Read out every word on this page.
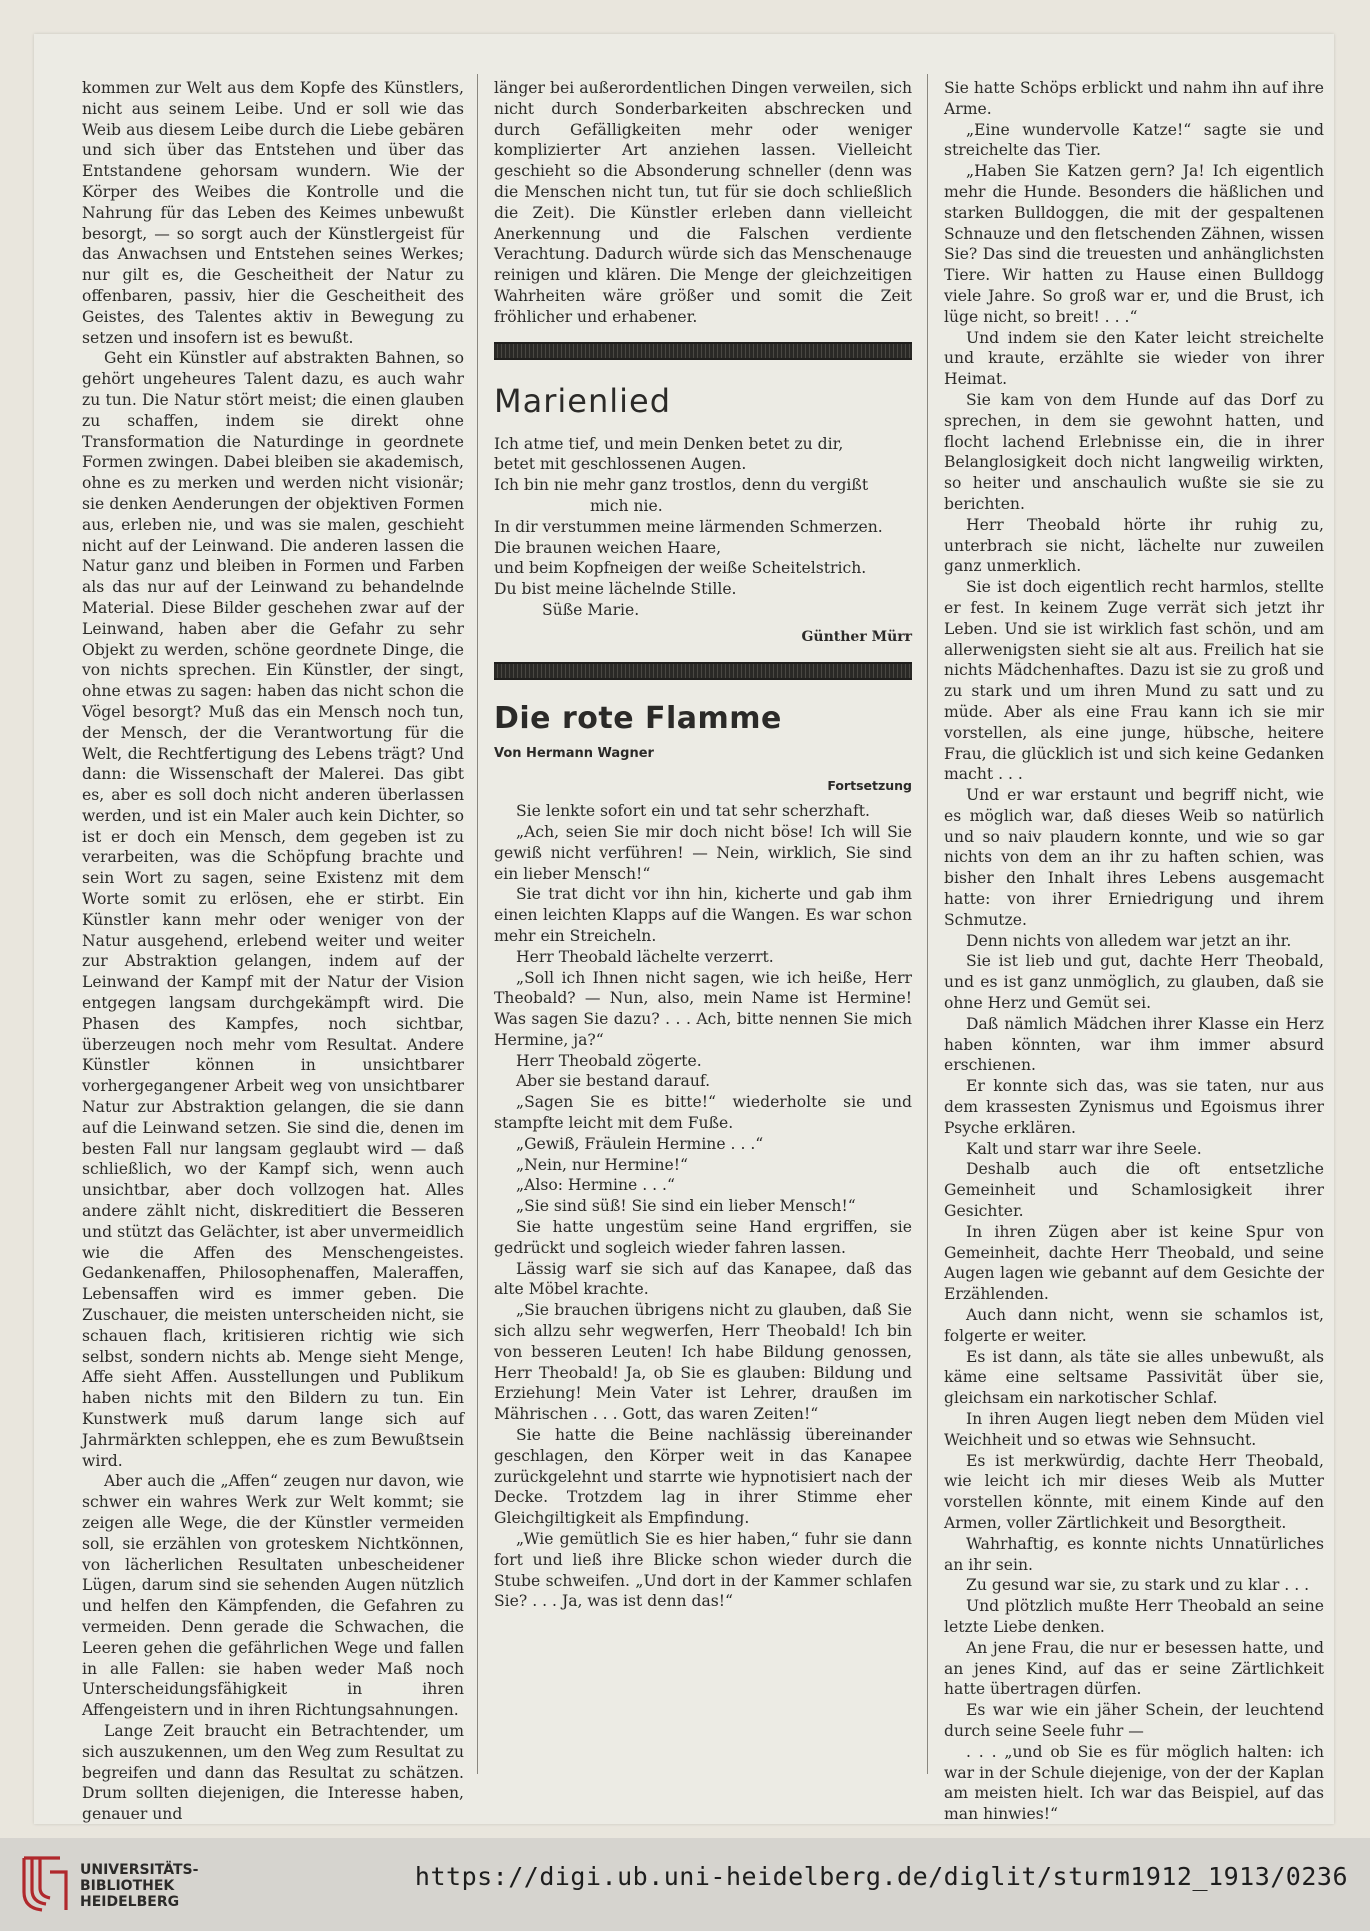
kommen zur Welt aus dem Kopfe des Künstlers, nicht aus seinem Leibe. Und er soll wie das Weib aus diesem Leibe durch die Liebe gebären und sich über das Entstehen und über das Entstandene gehorsam wundern. Wie der Körper des Weibes die Kontrolle und die Nahrung für das Leben des Keimes unbewußt besorgt, — so sorgt auch der Künstlergeist für das Anwachsen und Entstehen seines Werkes; nur gilt es, die Gescheitheit der Natur zu offenbaren, passiv, hier die Gescheitheit des Geistes, des Talentes aktiv in Bewegung zu setzen und insofern ist es bewußt.

Geht ein Künstler auf abstrakten Bahnen, so gehört ungeheures Talent dazu, es auch wahr zu tun. Die Natur stört meist; die einen glauben zu schaffen, indem sie direkt ohne Transformation die Naturdinge in geordnete Formen zwingen. Dabei bleiben sie akademisch, ohne es zu merken und werden nicht visionär; sie denken Aenderungen der objektiven Formen aus, erleben nie, und was sie malen, geschieht nicht auf der Leinwand. Die anderen lassen die Natur ganz und bleiben in Formen und Farben als das nur auf der Leinwand zu behandelnde Material. Diese Bilder geschehen zwar auf der Leinwand, haben aber die Gefahr zu sehr Objekt zu werden, schöne geordnete Dinge, die von nichts sprechen. Ein Künstler, der singt, ohne etwas zu sagen: haben das nicht schon die Vögel besorgt? Muß das ein Mensch noch tun, der Mensch, der die Verantwortung für die Welt, die Rechtfertigung des Lebens trägt? Und dann: die Wissenschaft der Malerei. Das gibt es, aber es soll doch nicht anderen überlassen werden, und ist ein Maler auch kein Dichter, so ist er doch ein Mensch, dem gegeben ist zu verarbeiten, was die Schöpfung brachte und sein Wort zu sagen, seine Existenz mit dem Worte somit zu erlösen, ehe er stirbt. Ein Künstler kann mehr oder weniger von der Natur ausgehend, erlebend weiter und weiter zur Abstraktion gelangen, indem auf der Leinwand der Kampf mit der Natur der Vision entgegen langsam durchgekämpft wird. Die Phasen des Kampfes, noch sichtbar, überzeugen noch mehr vom Resultat. Andere Künstler können in unsichtbarer vorhergegangener Arbeit weg von unsichtbarer Natur zur Abstraktion gelangen, die sie dann auf die Leinwand setzen. Sie sind die, denen im besten Fall nur langsam geglaubt wird — daß schließlich, wo der Kampf sich, wenn auch unsichtbar, aber doch vollzogen hat. Alles andere zählt nicht, diskreditiert die Besseren und stützt das Gelächter, ist aber unvermeidlich wie die Affen des Menschengeistes. Gedankenaffen, Philosophenaffen, Maleraffen, Lebensaffen wird es immer geben. Die Zuschauer, die meisten unterscheiden nicht, sie schauen flach, kritisieren richtig wie sich selbst, sondern nichts ab. Menge sieht Menge, Affe sieht Affen. Ausstellungen und Publikum haben nichts mit den Bildern zu tun. Ein Kunstwerk muß darum lange sich auf Jahrmärkten schleppen, ehe es zum Bewußtsein wird.

Aber auch die „Affen“ zeugen nur davon, wie schwer ein wahres Werk zur Welt kommt; sie zeigen alle Wege, die der Künstler vermeiden soll, sie erzählen von groteskem Nichtkönnen, von lächerlichen Resultaten unbescheidener Lügen, darum sind sie sehenden Augen nützlich und helfen den Kämpfenden, die Gefahren zu vermeiden. Denn gerade die Schwachen, die Leeren gehen die gefährlichen Wege und fallen in alle Fallen: sie haben weder Maß noch Unterscheidungsfähigkeit in ihren Affengeistern und in ihren Richtungsahnungen.

Lange Zeit braucht ein Betrachtender, um sich auszukennen, um den Weg zum Resultat zu begreifen und dann das Resultat zu schätzen. Drum sollten diejenigen, die Interesse haben, genauer und

länger bei außerordentlichen Dingen verweilen, sich nicht durch Sonderbarkeiten abschrecken und durch Gefälligkeiten mehr oder weniger komplizierter Art anziehen lassen. Vielleicht geschieht so die Absonderung schneller (denn was die Menschen nicht tun, tut für sie doch schließlich die Zeit). Die Künstler erleben dann vielleicht Anerkennung und die Falschen verdiente Verachtung. Dadurch würde sich das Menschenauge reinigen und klären. Die Menge der gleichzeitigen Wahrheiten wäre größer und somit die Zeit fröhlicher und erhabener.

Marienlied

Ich atme tief, und mein Denken betet zu dir,

betet mit geschlossenen Augen.

Ich bin nie mehr ganz trostlos, denn du vergißt

mich nie.

In dir verstummen meine lärmenden Schmerzen.

Die braunen weichen Haare,

und beim Kopfneigen der weiße Scheitelstrich.

Du bist meine lächelnde Stille.

Süße Marie.

Günther Mürr
Die rote Flamme
Von Hermann Wagner
Fortsetzung

Sie lenkte sofort ein und tat sehr scherzhaft.

„Ach, seien Sie mir doch nicht böse! Ich will Sie gewiß nicht verführen! — Nein, wirklich, Sie sind ein lieber Mensch!“

Sie trat dicht vor ihn hin, kicherte und gab ihm einen leichten Klapps auf die Wangen. Es war schon mehr ein Streicheln.

Herr Theobald lächelte verzerrt.

„Soll ich Ihnen nicht sagen, wie ich heiße, Herr Theobald? — Nun, also, mein Name ist Hermine! Was sagen Sie dazu? . . . Ach, bitte nennen Sie mich Hermine, ja?“

Herr Theobald zögerte.

Aber sie bestand darauf.

„Sagen Sie es bitte!“ wiederholte sie und stampfte leicht mit dem Fuße.

„Gewiß, Fräulein Hermine . . .“

„Nein, nur Hermine!“

„Also: Hermine . . .“

„Sie sind süß! Sie sind ein lieber Mensch!“

Sie hatte ungestüm seine Hand ergriffen, sie gedrückt und sogleich wieder fahren lassen.

Lässig warf sie sich auf das Kanapee, daß das alte Möbel krachte.

„Sie brauchen übrigens nicht zu glauben, daß Sie sich allzu sehr wegwerfen, Herr Theobald! Ich bin von besseren Leuten! Ich habe Bildung genossen, Herr Theobald! Ja, ob Sie es glauben: Bildung und Erziehung! Mein Vater ist Lehrer, draußen im Mährischen . . . Gott, das waren Zeiten!“

Sie hatte die Beine nachlässig übereinander geschlagen, den Körper weit in das Kanapee zurückgelehnt und starrte wie hypnotisiert nach der Decke. Trotzdem lag in ihrer Stimme eher Gleichgiltigkeit als Empfindung.

„Wie gemütlich Sie es hier haben,“ fuhr sie dann fort und ließ ihre Blicke schon wieder durch die Stube schweifen. „Und dort in der Kammer schlafen Sie? . . . Ja, was ist denn das!“

Sie hatte Schöps erblickt und nahm ihn auf ihre Arme.

„Eine wundervolle Katze!“ sagte sie und streichelte das Tier.

„Haben Sie Katzen gern? Ja! Ich eigentlich mehr die Hunde. Besonders die häßlichen und starken Bulldoggen, die mit der gespaltenen Schnauze und den fletschenden Zähnen, wissen Sie? Das sind die treuesten und anhänglichsten Tiere. Wir hatten zu Hause einen Bulldogg viele Jahre. So groß war er, und die Brust, ich lüge nicht, so breit! . . .“

Und indem sie den Kater leicht streichelte und kraute, erzählte sie wieder von ihrer Heimat.

Sie kam von dem Hunde auf das Dorf zu sprechen, in dem sie gewohnt hatten, und flocht lachend Erlebnisse ein, die in ihrer Belanglosigkeit doch nicht langweilig wirkten, so heiter und anschaulich wußte sie sie zu berichten.

Herr Theobald hörte ihr ruhig zu, unterbrach sie nicht, lächelte nur zuweilen ganz unmerklich.

Sie ist doch eigentlich recht harmlos, stellte er fest. In keinem Zuge verrät sich jetzt ihr Leben. Und sie ist wirklich fast schön, und am allerwenigsten sieht sie alt aus. Freilich hat sie nichts Mädchenhaftes. Dazu ist sie zu groß und zu stark und um ihren Mund zu satt und zu müde. Aber als eine Frau kann ich sie mir vorstellen, als eine junge, hübsche, heitere Frau, die glücklich ist und sich keine Gedanken macht . . .

Und er war erstaunt und begriff nicht, wie es möglich war, daß dieses Weib so natürlich und so naiv plaudern konnte, und wie so gar nichts von dem an ihr zu haften schien, was bisher den Inhalt ihres Lebens ausgemacht hatte: von ihrer Erniedrigung und ihrem Schmutze.

Denn nichts von alledem war jetzt an ihr.

Sie ist lieb und gut, dachte Herr Theobald, und es ist ganz unmöglich, zu glauben, daß sie ohne Herz und Gemüt sei.

Daß nämlich Mädchen ihrer Klasse ein Herz haben könnten, war ihm immer absurd erschienen.

Er konnte sich das, was sie taten, nur aus dem krassesten Zynismus und Egoismus ihrer Psyche erklären.

Kalt und starr war ihre Seele.

Deshalb auch die oft entsetzliche Gemeinheit und Schamlosigkeit ihrer Gesichter.

In ihren Zügen aber ist keine Spur von Gemeinheit, dachte Herr Theobald, und seine Augen lagen wie gebannt auf dem Gesichte der Erzählenden.

Auch dann nicht, wenn sie schamlos ist, folgerte er weiter.

Es ist dann, als täte sie alles unbewußt, als käme eine seltsame Passivität über sie, gleichsam ein narkotischer Schlaf.

In ihren Augen liegt neben dem Müden viel Weichheit und so etwas wie Sehnsucht.

Es ist merkwürdig, dachte Herr Theobald, wie leicht ich mir dieses Weib als Mutter vorstellen könnte, mit einem Kinde auf den Armen, voller Zärtlichkeit und Besorgtheit.

Wahrhaftig, es konnte nichts Unnatürliches an ihr sein.

Zu gesund war sie, zu stark und zu klar . . .

Und plötzlich mußte Herr Theobald an seine letzte Liebe denken.

An jene Frau, die nur er besessen hatte, und an jenes Kind, auf das er seine Zärtlichkeit hatte übertragen dürfen.

Es war wie ein jäher Schein, der leuchtend durch seine Seele fuhr —

. . . „und ob Sie es für möglich halten: ich war in der Schule diejenige, von der der Kaplan am meisten hielt. Ich war das Beispiel, auf das man hinwies!“

UNIVERSITÄTS-
BIBLIOTHEK
HEIDELBERG
https://digi.ub.uni-heidelberg.de/diglit/sturm1912_1913/0236
